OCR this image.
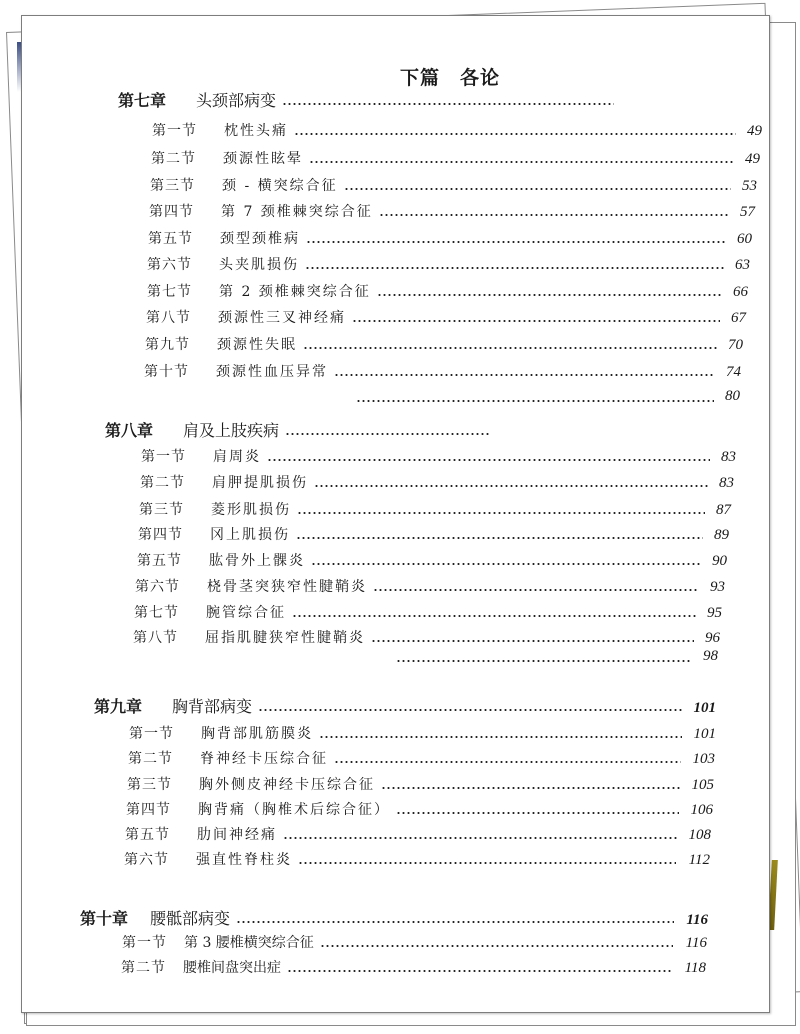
下篇　各论
第七章	头颈部病变
第一节	枕性头痛	49
第二节	颈源性眩晕	49
第三节	颈 - 横突综合征	53
第四节	第 7 颈椎棘突综合征	57
第五节	颈型颈椎病	60
第六节	头夹肌损伤	63
第七节	第 2 颈椎棘突综合征	66
第八节	颈源性三叉神经痛	67
第九节	颈源性失眠	70
第十节	颈源性血压异常	74
80
第八章	肩及上肢疾病
第一节	肩周炎	83
第二节	肩胛提肌损伤	83
第三节	菱形肌损伤	87
第四节	冈上肌损伤	89
第五节	肱骨外上髁炎	90
第六节	桡骨茎突狭窄性腱鞘炎	93
第七节	腕管综合征	95
第八节	屈指肌腱狭窄性腱鞘炎	96
98
第九章	胸背部病变	101
第一节	胸背部肌筋膜炎	101
第二节	脊神经卡压综合征	103
第三节	胸外侧皮神经卡压综合征	105
第四节	胸背痛（胸椎术后综合征）	106
第五节	肋间神经痛	108
第六节	强直性脊柱炎	112
第十章	腰骶部病变	116
第一节	第 3 腰椎横突综合征	116
第二节	腰椎间盘突出症	118
